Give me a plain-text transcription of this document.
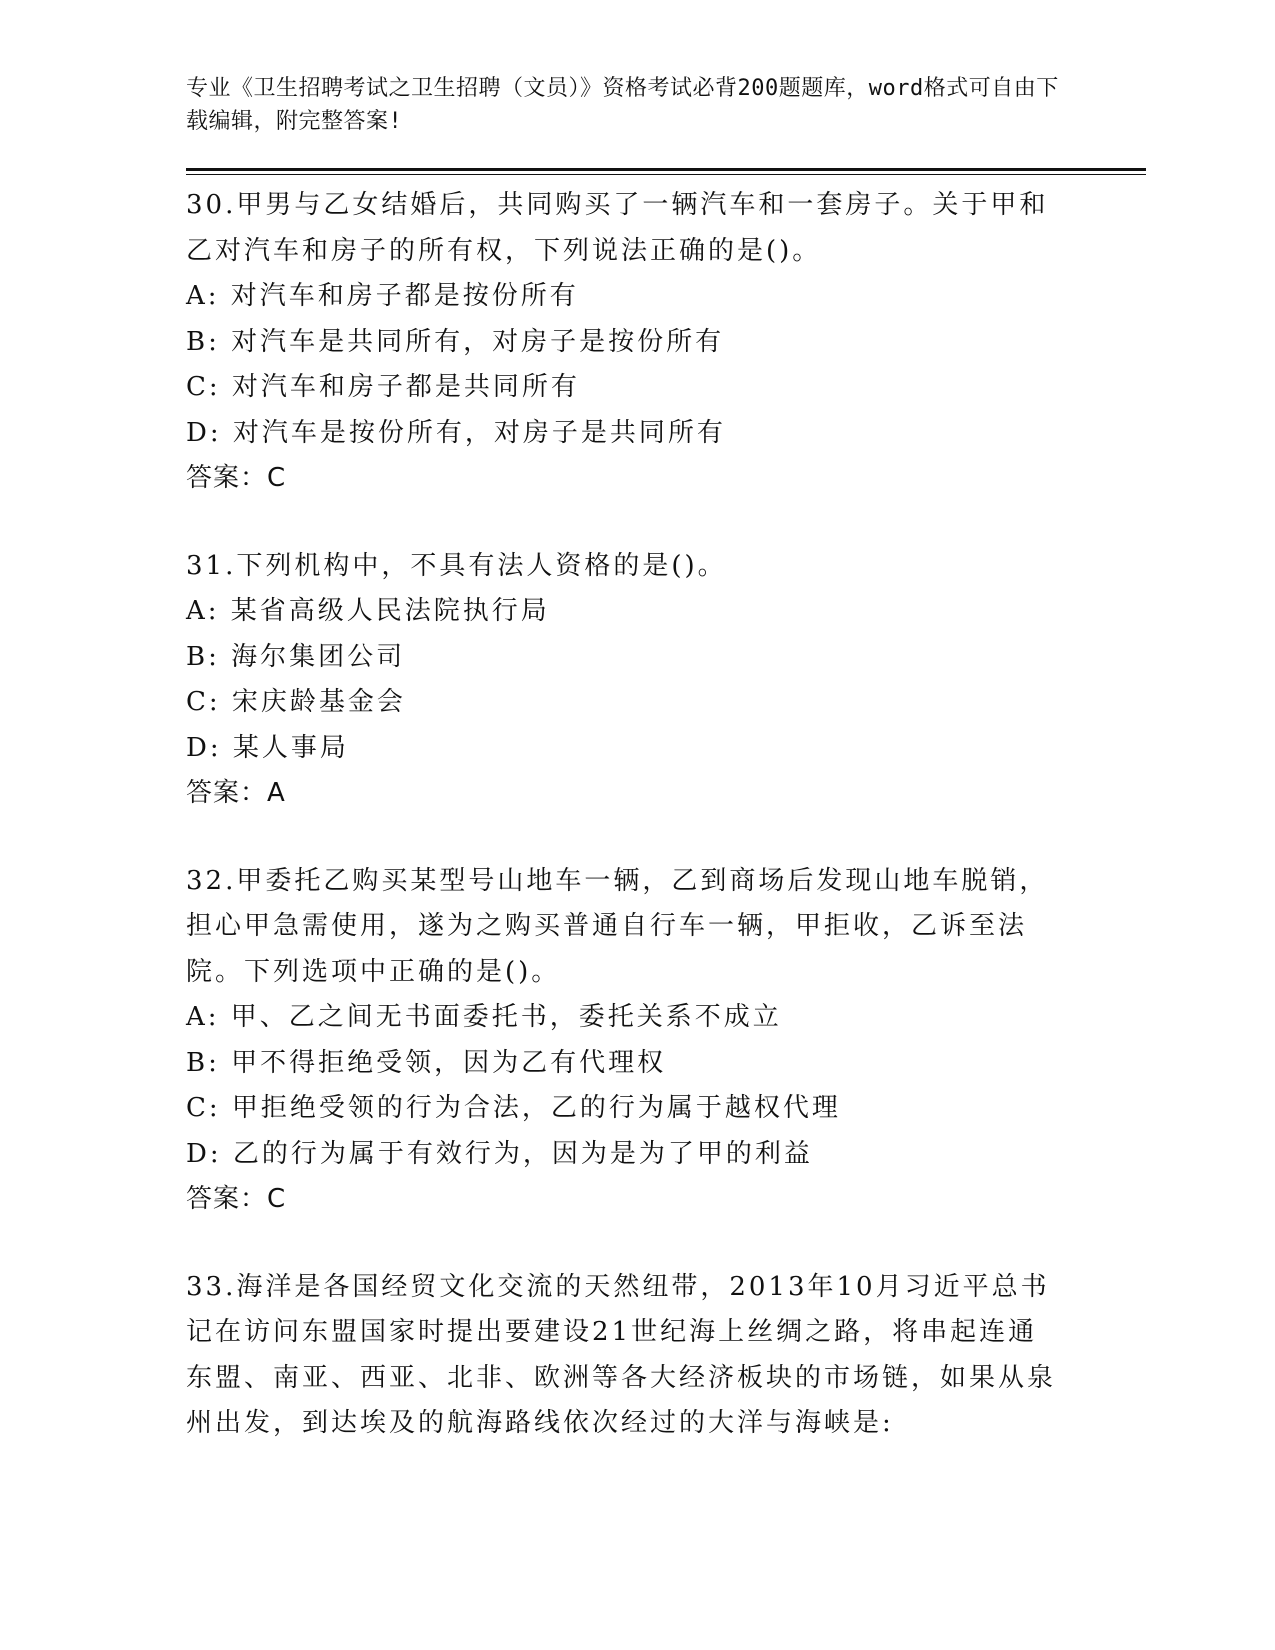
专业《卫生招聘考试之卫生招聘（文员）》资格考试必背200题题库，word格式可自由下载编辑，附完整答案!
30.甲男与乙女结婚后，共同购买了一辆汽车和一套房子。关于甲和乙对汽车和房子的所有权，下列说法正确的是()。
A: 对汽车和房子都是按份所有
B: 对汽车是共同所有，对房子是按份所有
C: 对汽车和房子都是共同所有
D: 对汽车是按份所有，对房子是共同所有
答案：C
31.下列机构中，不具有法人资格的是()。
A: 某省高级人民法院执行局
B: 海尔集团公司
C: 宋庆龄基金会
D: 某人事局
答案：A
32.甲委托乙购买某型号山地车一辆，乙到商场后发现山地车脱销，担心甲急需使用，遂为之购买普通自行车一辆，甲拒收，乙诉至法院。下列选项中正确的是()。
A: 甲、乙之间无书面委托书，委托关系不成立
B: 甲不得拒绝受领，因为乙有代理权
C: 甲拒绝受领的行为合法，乙的行为属于越权代理
D: 乙的行为属于有效行为，因为是为了甲的利益
答案：C
33.海洋是各国经贸文化交流的天然纽带，2013年10月习近平总书记在访问东盟国家时提出要建设21世纪海上丝绸之路，将串起连通东盟、南亚、西亚、北非、欧洲等各大经济板块的市场链，如果从泉州出发，到达埃及的航海路线依次经过的大洋与海峡是:
